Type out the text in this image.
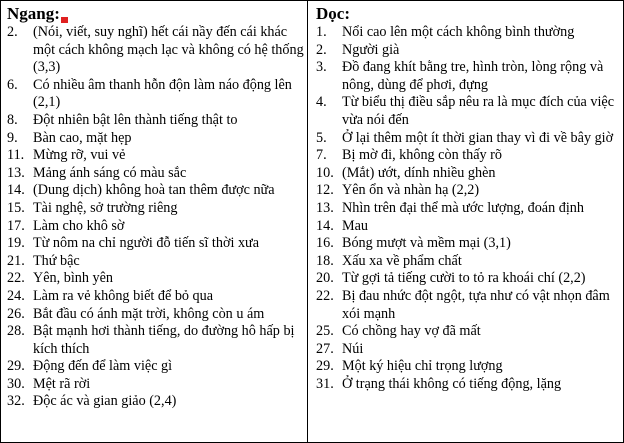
Ngang:
2. (Nói, viết, suy nghĩ) hết cái nầy đến cái khác một cách không mạch lạc và không có hệ thống (3,3)
6. Có nhiều âm thanh hỗn độn làm náo động lên (2,1)
8. Đột nhiên bật lên thành tiếng thật to
9. Bàn cao, mặt hẹp
11. Mừng rỡ, vui vẻ
13. Mảng ánh sáng có màu sắc
14. (Dung dịch) không hoà tan thêm được nữa
15. Tài nghệ, sở trường riêng
17. Làm cho khô sờ
19. Từ nôm na chỉ người đỗ tiến sĩ thời xưa
21. Thứ bậc
22. Yên, bình yên
24. Làm ra vẻ không biết để bỏ qua
26. Bắt đầu có ánh mặt trời, không còn u ám
28. Bật mạnh hơi thành tiếng, do đường hô hấp bị kích thích
29. Động đến để làm việc gì
30. Mệt rã rời
32. Độc ác và gian giảo (2,4)
Dọc:
1. Nổi cao lên một cách không bình thường
2. Người già
3. Đồ đang khít bằng tre, hình tròn, lòng rộng và nông, dùng để phơi, đựng
4. Từ biểu thị điều sắp nêu ra là mục đích của việc vừa nói đến
5. Ở lại thêm một ít thời gian thay vì đi về bây giờ
7. Bị mờ đi, không còn thấy rõ
10. (Mắt) ướt, dính nhiều ghèn
12. Yên ổn và nhàn hạ (2,2)
13. Nhìn trên đại thể mà ước lượng, đoán định
14. Mau
16. Bóng mượt và mềm mại (3,1)
18. Xấu xa về phẩm chất
20. Từ gợi tả tiếng cười to tỏ ra khoái chí (2,2)
22. Bị đau nhức đột ngột, tựa như có vật nhọn đâm xói mạnh
25. Có chồng hay vợ đã mất
27. Núi
29. Một ký hiệu chỉ trọng lượng
31. Ở trạng thái không có tiếng động, lặng
